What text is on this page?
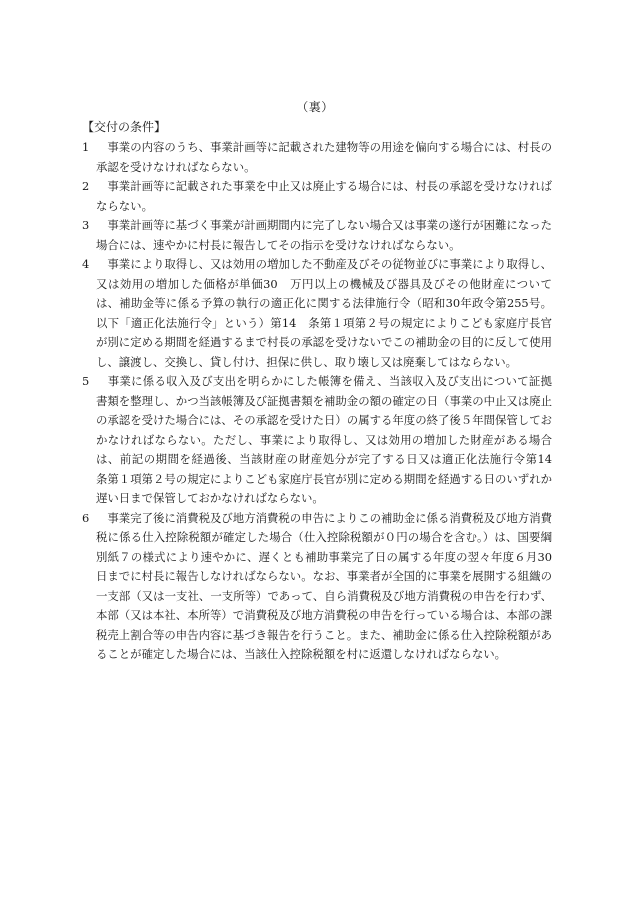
（裏）
【交付の条件】
1 　事業の内容のうち、事業計画等に記載された建物等の用途を偏向する場合には、村長の承認を受けなければならない。
2 　事業計画等に記載された事業を中止又は廃止する場合には、村長の承認を受けなければならない。
3 　事業計画等に基づく事業が計画期間内に完了しない場合又は事業の遂行が困難になった場合には、速やかに村長に報告してその指示を受けなければならない。
4 　事業により取得し、又は効用の増加した不動産及びその従物並びに事業により取得し、又は効用の増加した価格が単価30　万円以上の機械及び器具及びその他財産については、補助金等に係る予算の執行の適正化に関する法律施行令（昭和30年政令第255号。以下「適正化法施行令」という）第14　条第１項第２号の規定によりこども家庭庁長官が別に定める期間を経過するまで村長の承認を受けないでこの補助金の目的に反して使用し、譲渡し、交換し、貸し付け、担保に供し、取り壊し又は廃棄してはならない。
5 　事業に係る収入及び支出を明らかにした帳簿を備え、当該収入及び支出について証拠書類を整理し、かつ当該帳簿及び証拠書類を補助金の額の確定の日（事業の中止又は廃止の承認を受けた場合には、その承認を受けた日）の属する年度の終了後５年間保管しておかなければならない。ただし、事業により取得し、又は効用の増加した財産がある場合は、前記の期間を経過後、当該財産の財産処分が完了する日又は適正化法施行令第14　条第１項第２号の規定によりこども家庭庁長官が別に定める期間を経過する日のいずれか遅い日まで保管しておかなければならない。
6 　事業完了後に消費税及び地方消費税の申告によりこの補助金に係る消費税及び地方消費税に係る仕入控除税額が確定した場合（仕入控除税額が０円の場合を含む。）は、国要綱別紙７の様式により速やかに、遅くとも補助事業完了日の属する年度の翌々年度６月30　日までに村長に報告しなければならない。なお、事業者が全国的に事業を展開する組織の一支部（又は一支社、一支所等）であって、自ら消費税及び地方消費税の申告を行わず、本部（又は本社、本所等）で消費税及び地方消費税の申告を行っている場合は、本部の課税売上割合等の申告内容に基づき報告を行うこと。また、補助金に係る仕入控除税額があることが確定した場合には、当該仕入控除税額を村に返還しなければならない。
